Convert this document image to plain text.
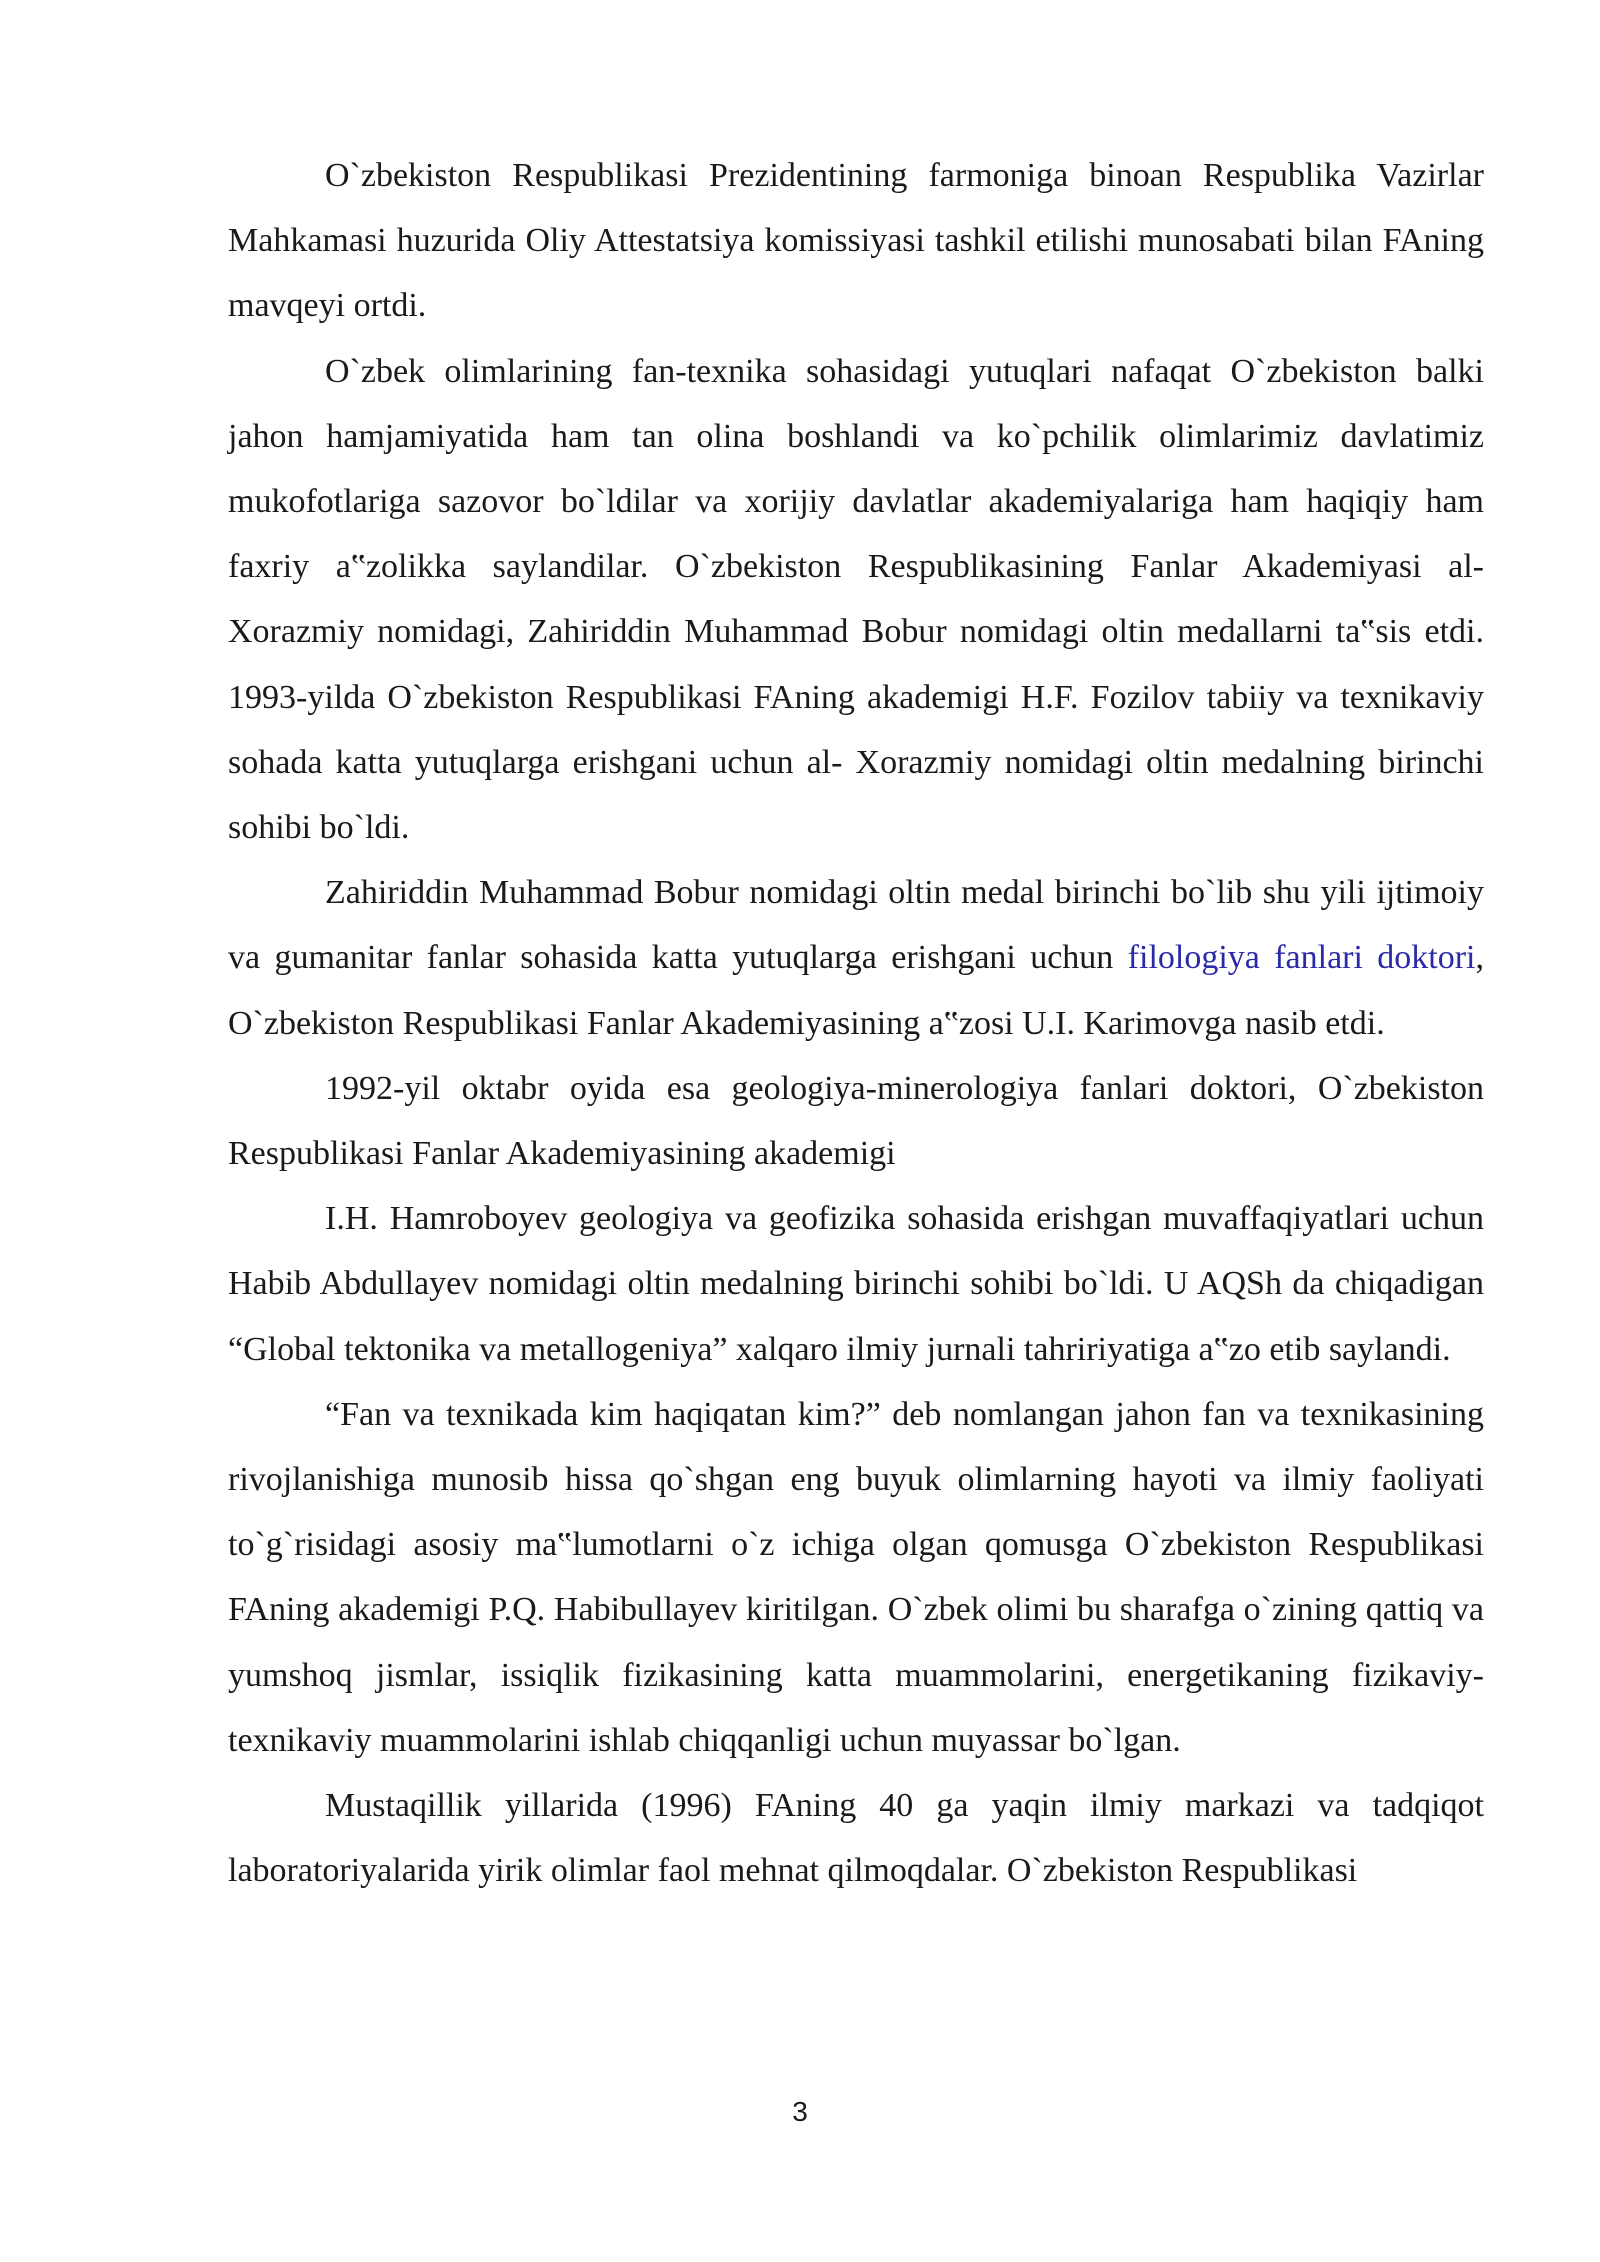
O`zbekiston Respublikasi Prezidentining farmoniga binoan Respublika Vazirlar Mahkamasi huzurida Oliy Attestatsiya komissiyasi tashkil etilishi munosabati bilan FAning mavqeyi ortdi.

O`zbek olimlarining fan-texnika sohasidagi yutuqlari nafaqat O`zbekiston balki jahon hamjamiyatida ham tan olina boshlandi va ko`pchilik olimlarimiz davlatimiz mukofotlariga sazovor bo`ldilar va xorijiy davlatlar akademiyalariga ham haqiqiy ham faxriy a‟zolikka saylandilar. O`zbekiston Respublikasining Fanlar Akademiyasi al-Xorazmiy nomidagi, Zahiriddin Muhammad Bobur nomidagi oltin medallarni ta‟sis etdi. 1993-yilda O`zbekiston Respublikasi FAning akademigi H.F. Fozilov tabiiy va texnikaviy sohada katta yutuqlarga erishgani uchun al- Xorazmiy nomidagi oltin medalning birinchi sohibi bo`ldi.

Zahiriddin Muhammad Bobur nomidagi oltin medal birinchi bo`lib shu yili ijtimoiy va gumanitar fanlar sohasida katta yutuqlarga erishgani uchun filologiya fanlari doktori, O`zbekiston Respublikasi Fanlar Akademiyasining a‟zosi U.I. Karimovga nasib etdi.

1992-yil oktabr oyida esa geologiya-minerologiya fanlari doktori, O`zbekiston Respublikasi Fanlar Akademiyasining akademigi

I.H. Hamroboyev geologiya va geofizika sohasida erishgan muvaffaqiyatlari uchun Habib Abdullayev nomidagi oltin medalning birinchi sohibi bo`ldi. U AQSh da chiqadigan “Global tektonika va metallogeniya” xalqaro ilmiy jurnali tahririyatiga a‟zo etib saylandi.

“Fan va texnikada kim haqiqatan kim?” deb nomlangan jahon fan va texnikasining rivojlanishiga munosib hissa qo`shgan eng buyuk olimlarning hayoti va ilmiy faoliyati to`g`risidagi asosiy ma‟lumotlarni o`z ichiga olgan qomusga O`zbekiston Respublikasi FAning akademigi P.Q. Habibullayev kiritilgan. O`zbek olimi bu sharafga o`zining qattiq va yumshoq jismlar, issiqlik fizikasining katta muammolarini, energetikaning fizikaviy- texnikaviy muammolarini ishlab chiqqanligi uchun muyassar bo`lgan.

Mustaqillik yillarida (1996) FAning 40 ga yaqin ilmiy markazi va tadqiqot laboratoriyalarida yirik olimlar faol mehnat qilmoqdalar. O`zbekiston Respublikasi

3
